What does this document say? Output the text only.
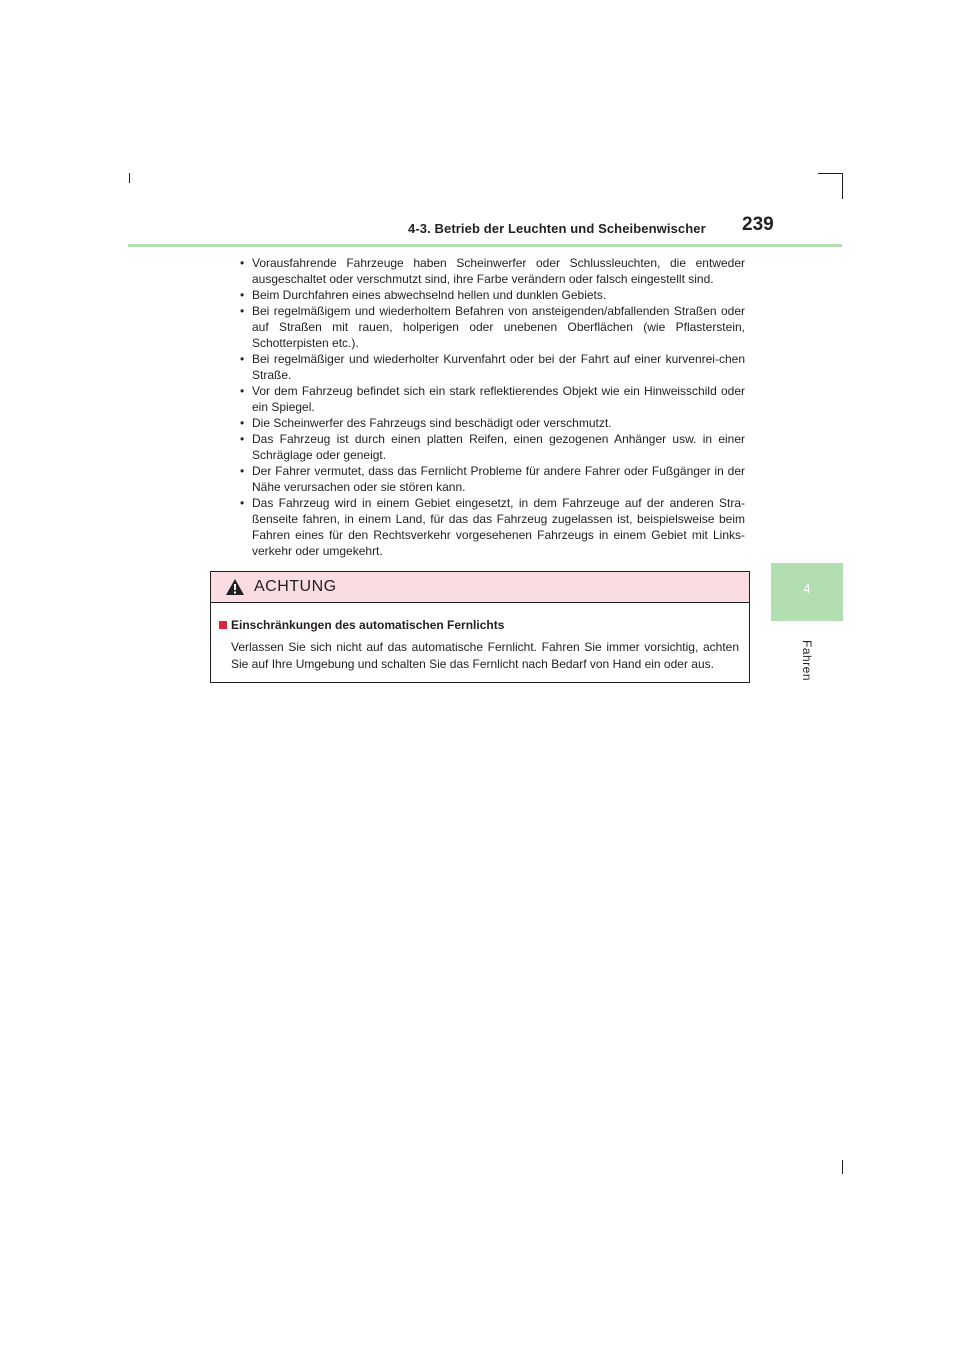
4-3. Betrieb der Leuchten und Scheibenwischer 239
4
Fahren
• Vorausfahrende Fahrzeuge haben Scheinwerfer oder Schlussleuchten, die entweder ausgeschaltet oder verschmutzt sind, ihre Farbe verändern oder falsch eingestellt sind.
• Beim Durchfahren eines abwechselnd hellen und dunklen Gebiets.
• Bei regelmäßigem und wiederholtem Befahren von ansteigenden/abfallenden Straßen oder auf Straßen mit rauen, holperigen oder unebenen Oberflächen (wie Pflasterstein, Schotterpisten etc.).
• Bei regelmäßiger und wiederholter Kurvenfahrt oder bei der Fahrt auf einer kurvenrei-chen Straße.
• Vor dem Fahrzeug befindet sich ein stark reflektierendes Objekt wie ein Hinweisschild oder ein Spiegel.
• Die Scheinwerfer des Fahrzeugs sind beschädigt oder verschmutzt.
• Das Fahrzeug ist durch einen platten Reifen, einen gezogenen Anhänger usw. in einer Schräglage oder geneigt.
• Der Fahrer vermutet, dass das Fernlicht Probleme für andere Fahrer oder Fußgänger in der Nähe verursachen oder sie stören kann.
• Das Fahrzeug wird in einem Gebiet eingesetzt, in dem Fahrzeuge auf der anderen Stra-ßenseite fahren, in einem Land, für das das Fahrzeug zugelassen ist, beispielsweise beim Fahren eines für den Rechtsverkehr vorgesehenen Fahrzeugs in einem Gebiet mit Links-verkehr oder umgekehrt.
ACHTUNG
Einschränkungen des automatischen Fernlichts
Verlassen Sie sich nicht auf das automatische Fernlicht. Fahren Sie immer vorsichtig, achten Sie auf Ihre Umgebung und schalten Sie das Fernlicht nach Bedarf von Hand ein oder aus.
